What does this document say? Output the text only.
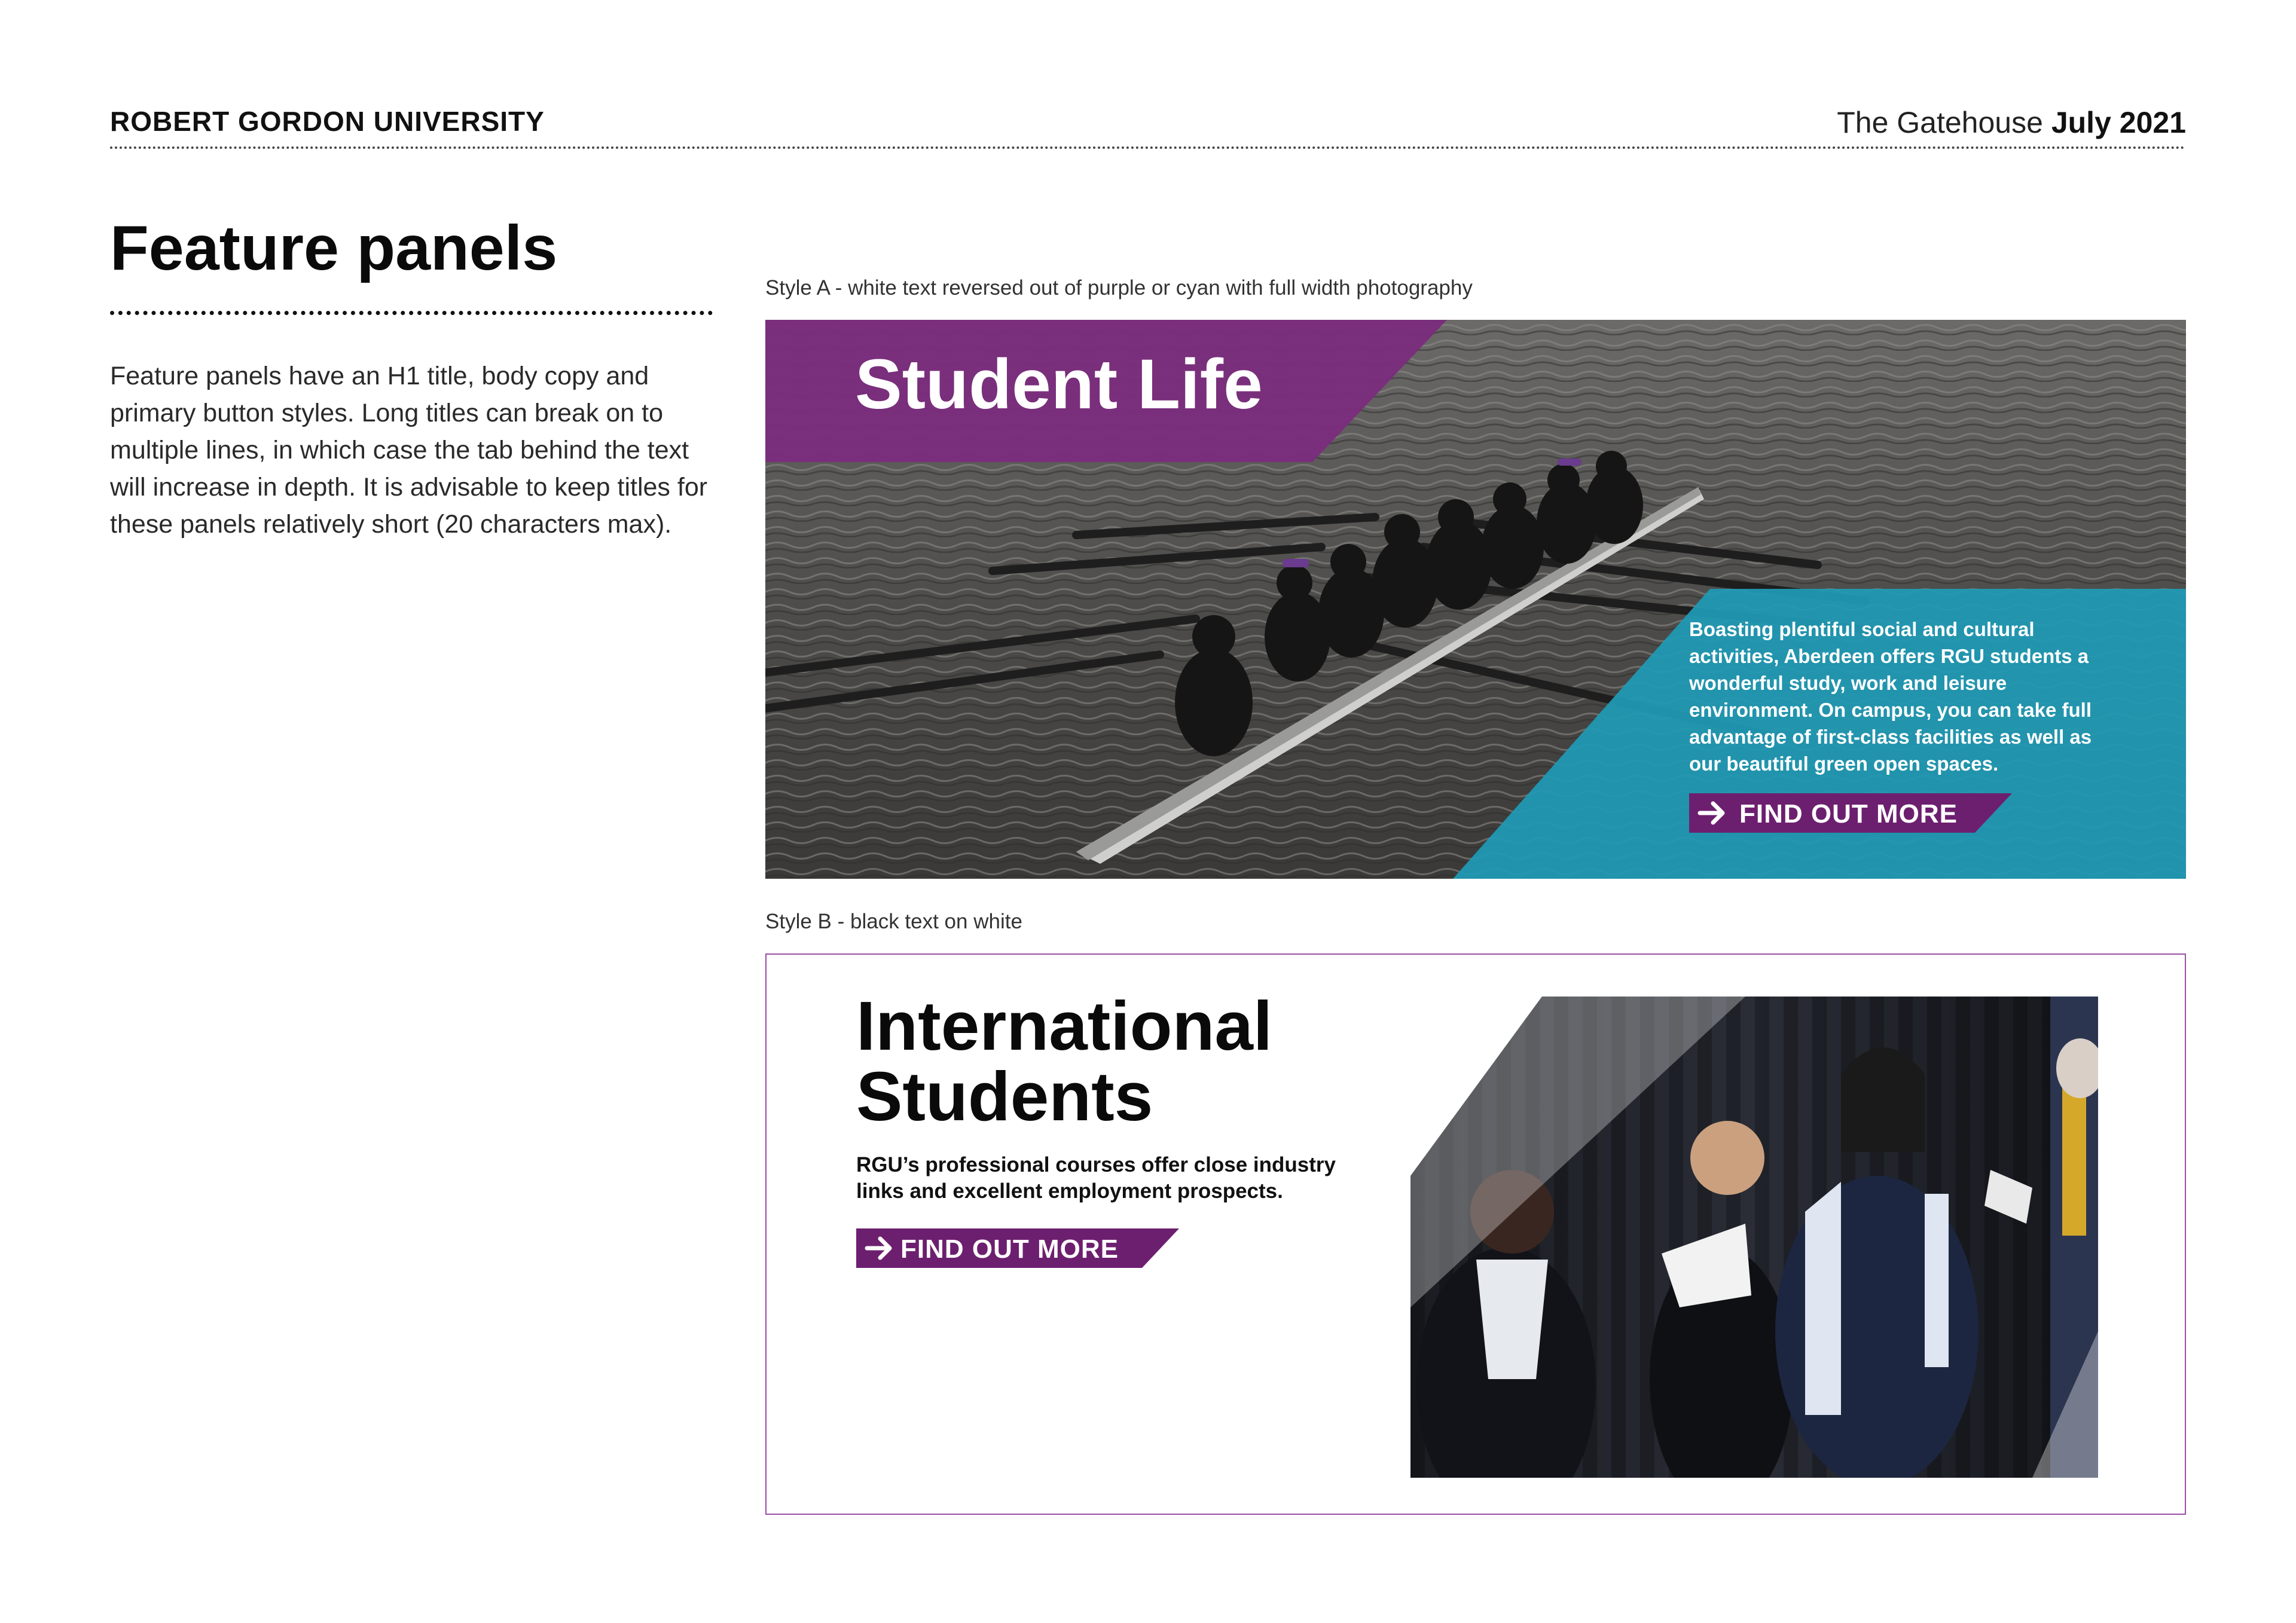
ROBERT GORDON UNIVERSITY	The Gatehouse July 2021
Feature panels
Feature panels have an H1 title, body copy and primary button styles. Long titles can break on to multiple lines, in which case the tab behind the text will increase in depth. It is advisable to keep titles for these panels relatively short (20 characters max).
Style A - white text reversed out of purple or cyan with full width photography
Student Life
Boasting plentiful social and cultural activities, Aberdeen offers RGU students a wonderful study, work and leisure environment. On campus, you can take full advantage of first-class facilities as well as our beautiful green open spaces.
FIND OUT MORE
Style B - black text on white
International
Students
RGU’s professional courses offer close industry links and excellent employment prospects.
FIND OUT MORE
